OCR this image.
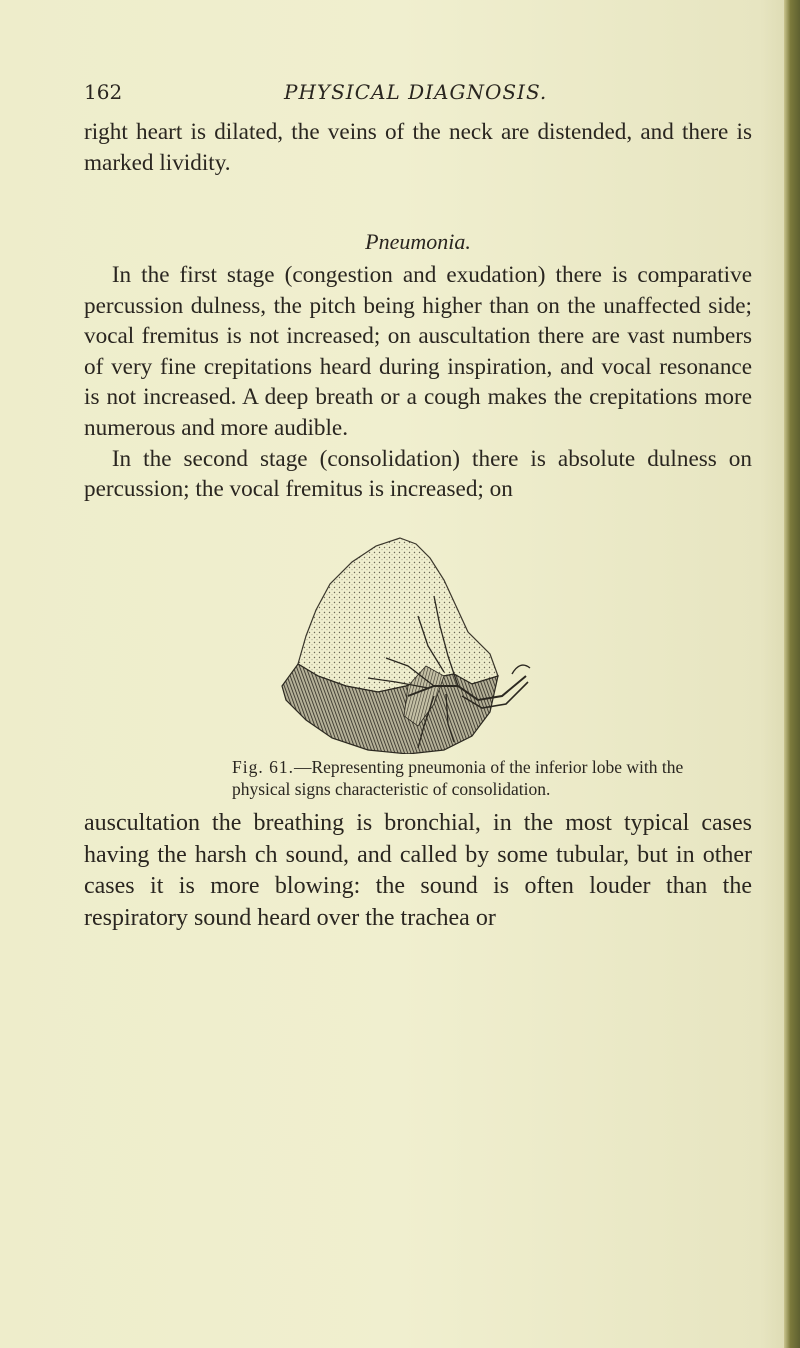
162	PHYSICAL DIAGNOSIS.

right heart is dilated, the veins of the neck are distended, and there is marked lividity.

Pneumonia.

In the first stage (congestion and exudation) there is comparative percussion dulness, the pitch being higher than on the unaffected side; vocal fremitus is not increased; on auscultation there are vast numbers of very fine crepitations heard during inspiration, and vocal resonance is not increased. A deep breath or a cough makes the crepitations more numerous and more audible.

In the second stage (consolidation) there is absolute dulness on percussion; the vocal fremitus is increased; on

Fig. 61.—Representing pneumonia of the inferior lobe with the physical signs characteristic of consolidation.

auscultation the breathing is bronchial, in the most typical cases having the harsh ch sound, and called by some tubular, but in other cases it is more blowing: the sound is often louder than the respiratory sound heard over the trachea or
